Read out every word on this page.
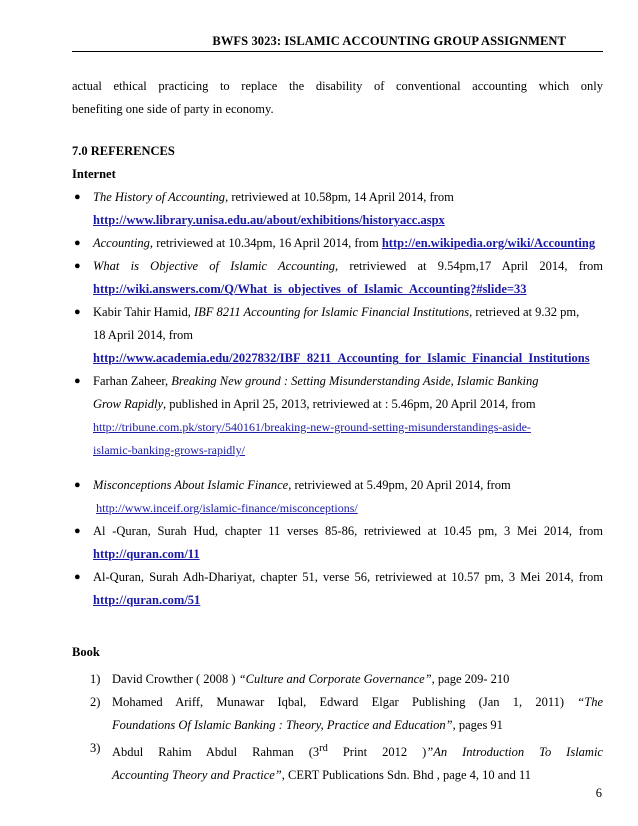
BWFS 3023: ISLAMIC ACCOUNTING GROUP ASSIGNMENT

actual ethical practicing to replace the disability of conventional accounting which only
benefiting one side of party in economy.

7.0 REFERENCES

Internet

● The History of Accounting, retriviewed at 10.58pm, 14 April 2014, from
http://www.library.unisa.edu.au/about/exhibitions/historyacc.aspx
● Accounting, retriviewed at 10.34pm, 16 April 2014, from http://en.wikipedia.org/wiki/Accounting
● What is Objective of Islamic Accounting, retriviewed at 9.54pm,17 April 2014, from
http://wiki.answers.com/Q/What_is_objectives_of_Islamic_Accounting?#slide=33
● Kabir Tahir Hamid, IBF 8211 Accounting for Islamic Financial Institutions, retrieved at 9.32 pm,
18 April 2014, from
http://www.academia.edu/2027832/IBF_8211_Accounting_for_Islamic_Financial_Institutions
● Farhan Zaheer, Breaking New ground : Setting Misunderstanding Aside, Islamic Banking
Grow Rapidly, published in April 25, 2013, retriviewed at : 5.46pm, 20 April 2014, from
http://tribune.com.pk/story/540161/breaking-new-ground-setting-misunderstandings-aside-
islamic-banking-grows-rapidly/
● Misconceptions About Islamic Finance, retriviewed at 5.49pm, 20 April 2014, from
http://www.inceif.org/islamic-finance/misconceptions/
● Al -Quran, Surah Hud, chapter 11 verses 85-86, retriviewed at 10.45 pm, 3 Mei 2014, from
http://quran.com/11
● Al-Quran, Surah Adh-Dhariyat, chapter 51, verse 56, retriviewed at 10.57 pm, 3 Mei 2014, from
http://quran.com/51

Book

1) David Crowther ( 2008 ) “Culture and Corporate Governance”, page 209- 210
2) Mohamed Ariff, Munawar Iqbal, Edward Elgar Publishing (Jan 1, 2011) “The
Foundations Of Islamic Banking : Theory, Practice and Education”, pages 91
3) Abdul Rahim Abdul Rahman (3rd Print 2012 )”An Introduction To Islamic
Accounting Theory and Practice”, CERT Publications Sdn. Bhd , page 4, 10 and 11
6
